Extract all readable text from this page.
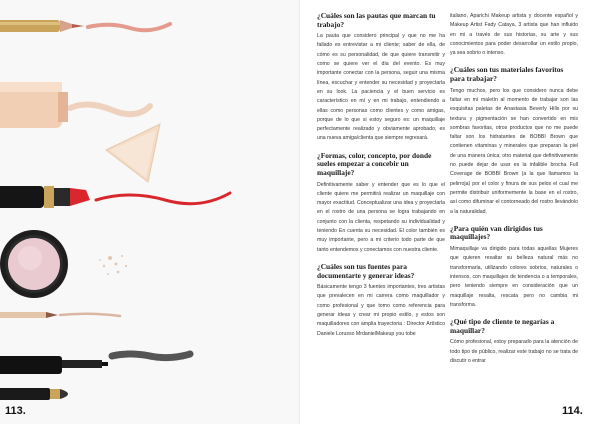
113.	114.

¿Cuáles son las pautas que marcan tu trabajo?

La pauta que considero principal y que no me ha fallado es entrevistar a mi cliente; saber de ella, de cómo es su personalidad, de que quiere transmitir y como se quiere ver el día del evento. Es muy importante conectar con la persona, seguir una misma línea, escuchar y entender su necesidad y proyectarla en su look. La paciencia y el buen servicio es característico en mí y en mi trabajo, entendiendo a ellas como personas como clientes y como amigas, porque de lo que si estoy seguro es: un maquillaje perfectamente realizado y obviamente aprobado, es una nueva amiga/clienta que siempre regresará.

¿Formas, color, concepto, por donde sueles empezar a concebir un maquillaje?

Definitivamente saber y entender que es lo que el cliente quiere me permitirá realizar un maquillaje con mayor exactitud. Conceptualizar una idea y proyectarla en el rostro de una persona se logra trabajando en conjunto con la clienta, respetando su individualidad y teniendo En cuenta su necesidad. El color también es muy importante, pero a mi criterio todo parte de que tanto entendemos y conectamos con nuestra cliente.

¿Cuáles son tus fuentes para documentarte y generar ideas?

Básicamente tengo 3 fuentes importantes, tres artistas que prevalecen en mi carrera como maquillador y como profesional y que tomo como referencia para generar ideas y crear mi propio estilo, y estos son maquilladores con amplia trayectoria : Director Artístico Daniele Lorusso MrdanielMakeup you tobe

italiano, Aparichi Makeup artista y docente español y Makeup Artist Fady Cataya, 3 artista que han influido en mi a través de sus historias, su arte y sus conocimientos para poder desarrollar un estilo propio, ya sea sobrio o intenso.

¿Cuáles son tus materiales favoritos para trabajar?

Tengo muchos, pero los que considero nunca debe faltar en mi maletín al momento de trabajar son las exquisitas paletas de Anastasia Beverly Hills por su textura y pigmentación se han convertido en mis sombras favoritas, otros productos que no me puede faltar son los hidratantes de BOBBI Brown que contienen vitaminas y minerales que preparan la piel de una manera única; otro material que definitivamente no puede dejar de usar es la infalible brocha Full Coverage de BOBBI Brown (a la que llamamos la pelirroja) por el color y finura de sus pelos el cual me permite distribuir uniformemente la base en el rostro, así como difuminar el contorneado del rostro llevándolo a la naturalidad.

¿Para quién van dirigidos tus maquillajes?

Mimaquillaje va dirigido para todas aquellas Mujeres que quieren resaltar su belleza natural más no transformarla, utilizando colores sobrios, naturales o intensos, con maquillajes de tendencia o a temporales, pero teniendo siempre en consideración que un maquillaje resalta, rescata pero no cambia mi transforma.

¿Qué tipo de cliente te negarías a maquillar?

Cómo profesional, estoy preparado para la atención de todo tipo de público, realizar este trabajo no se trata de discutir o entrar
